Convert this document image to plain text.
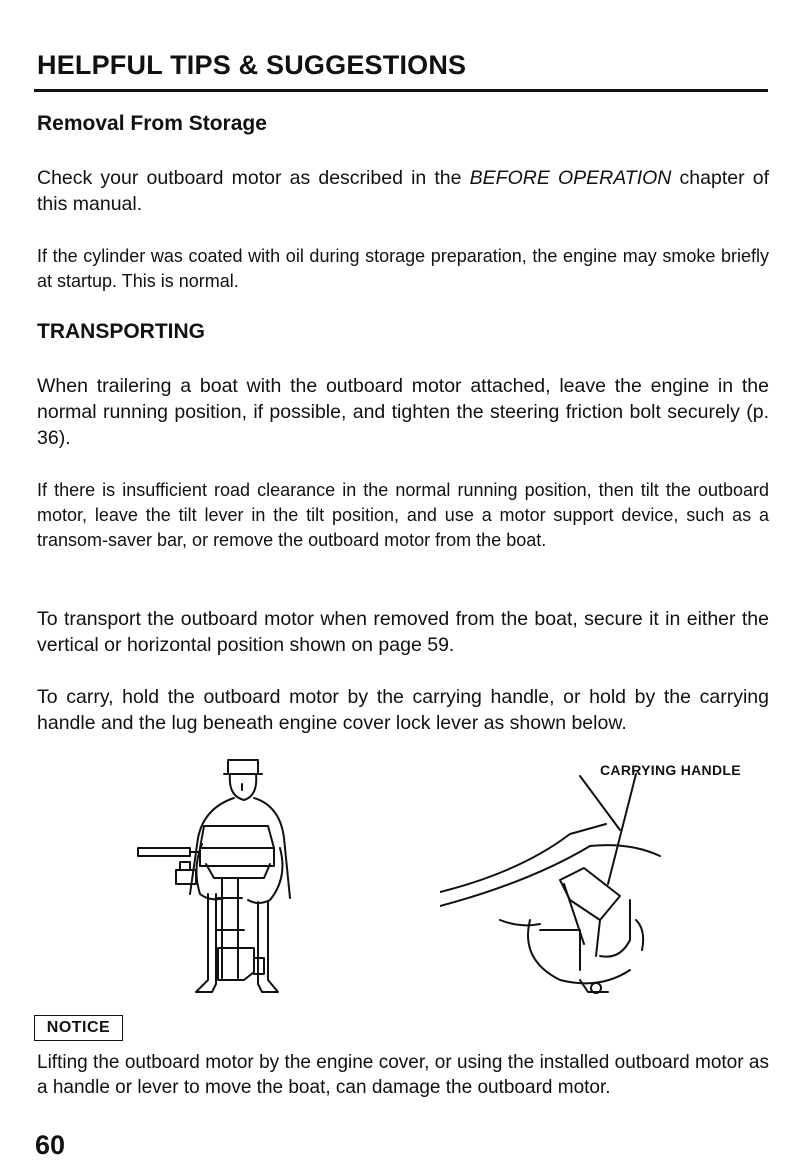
HELPFUL TIPS & SUGGESTIONS
Removal From Storage
Check your outboard motor as described in the BEFORE OPERATION chapter of this manual.
If the cylinder was coated with oil during storage preparation, the engine may smoke briefly at startup. This is normal.
TRANSPORTING
When trailering a boat with the outboard motor attached, leave the engine in the normal running position, if possible, and tighten the steering friction bolt securely (p. 36).
If there is insufficient road clearance in the normal running position, then tilt the outboard motor, leave the tilt lever in the tilt position, and use a motor support device, such as a transom-saver bar, or remove the outboard motor from the boat.
To transport the outboard motor when removed from the boat, secure it in either the vertical or horizontal position shown on page 59.
To carry, hold the outboard motor by the carrying handle, or hold by the carrying handle and the lug beneath engine cover lock lever as shown below.
CARRYING HANDLE
NOTICE
Lifting the outboard motor by the engine cover, or using the installed outboard motor as a handle or lever to move the boat, can damage the outboard motor.
60
